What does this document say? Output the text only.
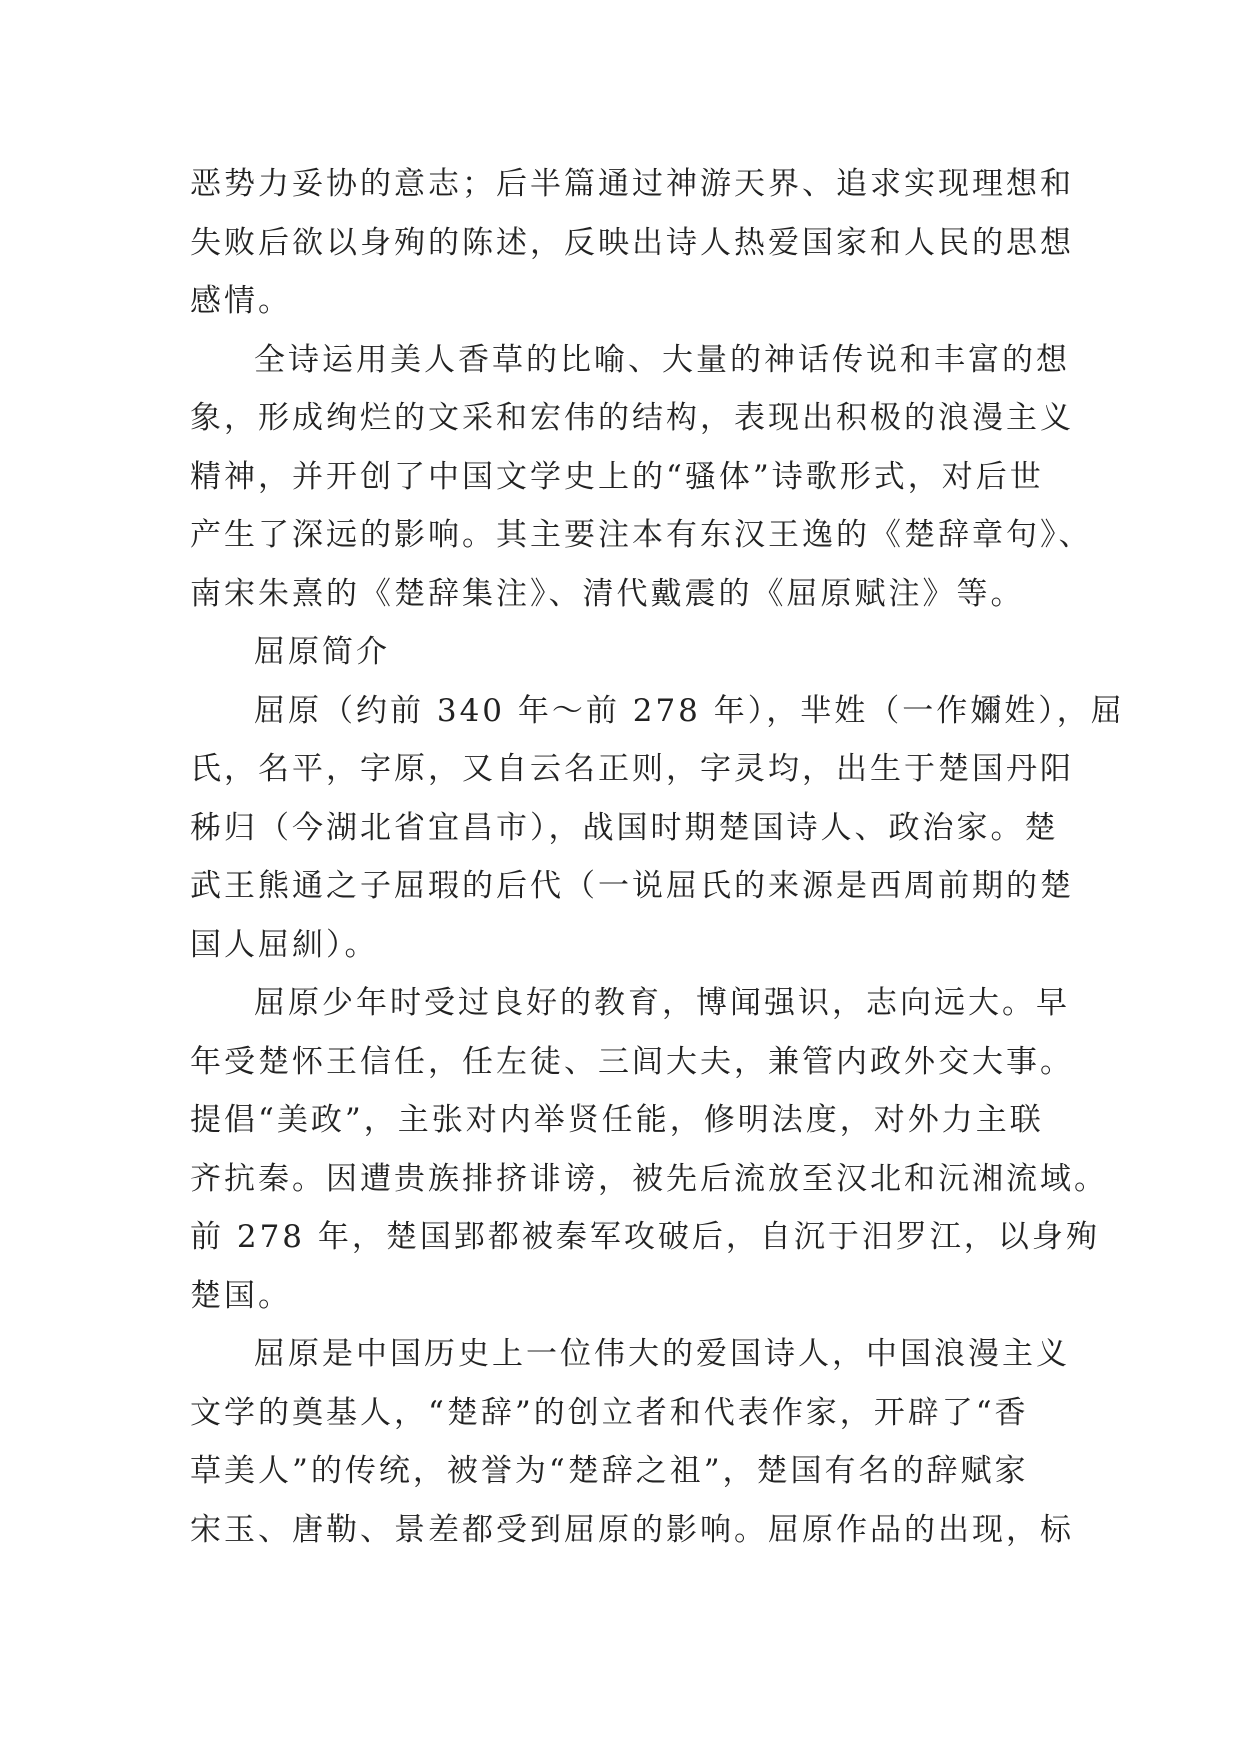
恶势力妥协的意志；后半篇通过神游天界、追求实现理想和
失败后欲以身殉的陈述，反映出诗人热爱国家和人民的思想
感情。
全诗运用美人香草的比喻、大量的神话传说和丰富的想
象，形成绚烂的文采和宏伟的结构，表现出积极的浪漫主义
精神，并开创了中国文学史上的“骚体”诗歌形式，对后世
产生了深远的影响。其主要注本有东汉王逸的《楚辞章句》、
南宋朱熹的《楚辞集注》、清代戴震的《屈原赋注》等。
屈原简介
屈原（约前 340 年～前 278 年），芈姓（一作嬭姓），屈
氏，名平，字原，又自云名正则，字灵均，出生于楚国丹阳
秭归（今湖北省宜昌市），战国时期楚国诗人、政治家。楚
武王熊通之子屈瑕的后代（一说屈氏的来源是西周前期的楚
国人屈紃）。
屈原少年时受过良好的教育，博闻强识，志向远大。早
年受楚怀王信任，任左徒、三闾大夫，兼管内政外交大事。
提倡“美政”，主张对内举贤任能，修明法度，对外力主联
齐抗秦。因遭贵族排挤诽谤，被先后流放至汉北和沅湘流域。
前 278 年，楚国郢都被秦军攻破后，自沉于汨罗江，以身殉
楚国。
屈原是中国历史上一位伟大的爱国诗人，中国浪漫主义
文学的奠基人，“楚辞”的创立者和代表作家，开辟了“香
草美人”的传统，被誉为“楚辞之祖”，楚国有名的辞赋家
宋玉、唐勒、景差都受到屈原的影响。屈原作品的出现，标
